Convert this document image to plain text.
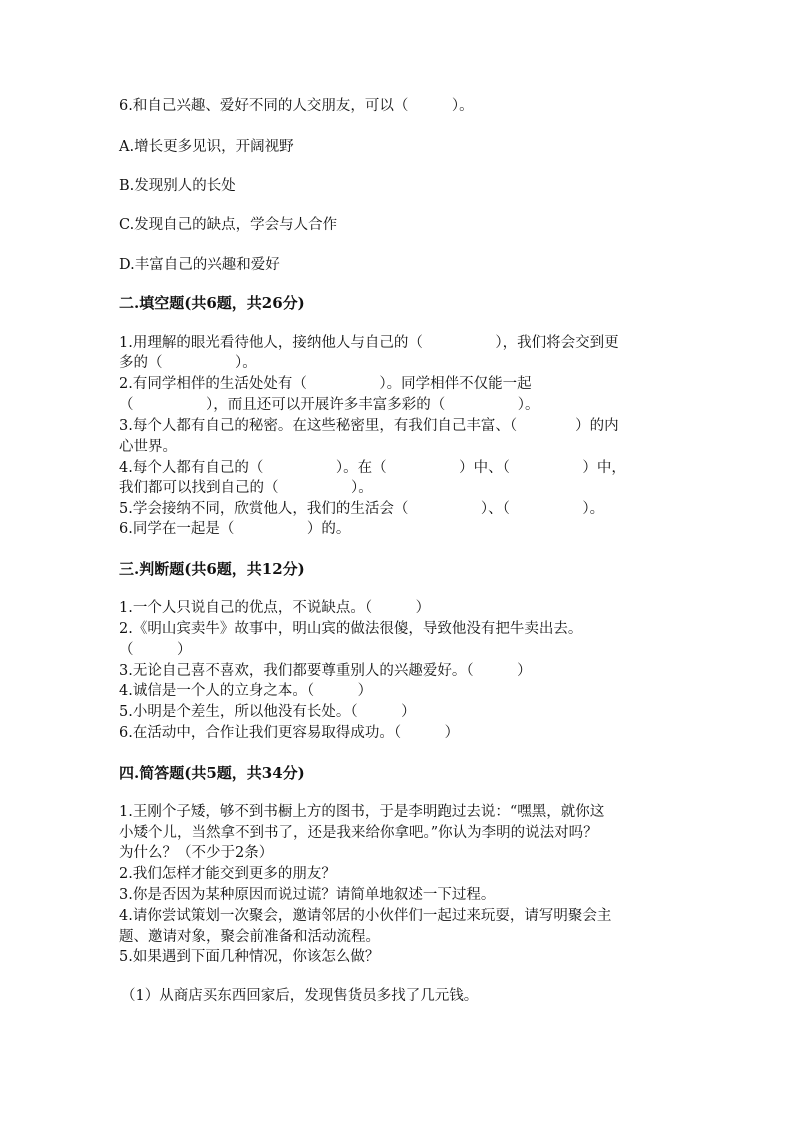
6.和自己兴趣、爱好不同的人交朋友，可以（　　　）。
A.增长更多见识，开阔视野
B.发现别人的长处
C.发现自己的缺点，学会与人合作
D.丰富自己的兴趣和爱好
二.填空题(共6题，共26分)
1.用理解的眼光看待他人，接纳他人与自己的（　　　　　），我们将会交到更
多的（　　　　　）。
2.有同学相伴的生活处处有（　　　　　）。同学相伴不仅能一起
（　　　　　），而且还可以开展许多丰富多彩的（　　　　　）。
3.每个人都有自己的秘密。在这些秘密里，有我们自己丰富、（　　　　）的内
心世界。
4.每个人都有自己的（　　　　　）。在（　　　　　）中、（　　　　　）中，
我们都可以找到自己的（　　　　　）。
5.学会接纳不同，欣赏他人，我们的生活会（　　　　　）、（　　　　　）。
6.同学在一起是（　　　　　）的。
三.判断题(共6题，共12分)
1.一个人只说自己的优点，不说缺点。（　　　）
2.《明山宾卖牛》故事中，明山宾的做法很傻，导致他没有把牛卖出去。
（　　　）
3.无论自己喜不喜欢，我们都要尊重别人的兴趣爱好。（　　　）
4.诚信是一个人的立身之本。（　　　）
5.小明是个差生，所以他没有长处。（　　　）
6.在活动中，合作让我们更容易取得成功。（　　　）
四.简答题(共5题，共34分)
1.王刚个子矮，够不到书橱上方的图书，于是李明跑过去说：“嘿黑，就你这
小矮个儿，当然拿不到书了，还是我来给你拿吧。”你认为李明的说法对吗？
为什么？（不少于2条）
2.我们怎样才能交到更多的朋友？
3.你是否因为某种原因而说过谎？请简单地叙述一下过程。
4.请你尝试策划一次聚会，邀请邻居的小伙伴们一起过来玩耍，请写明聚会主
题、邀请对象，聚会前准备和活动流程。
5.如果遇到下面几种情况，你该怎么做？
（1）从商店买东西回家后，发现售货员多找了几元钱。
